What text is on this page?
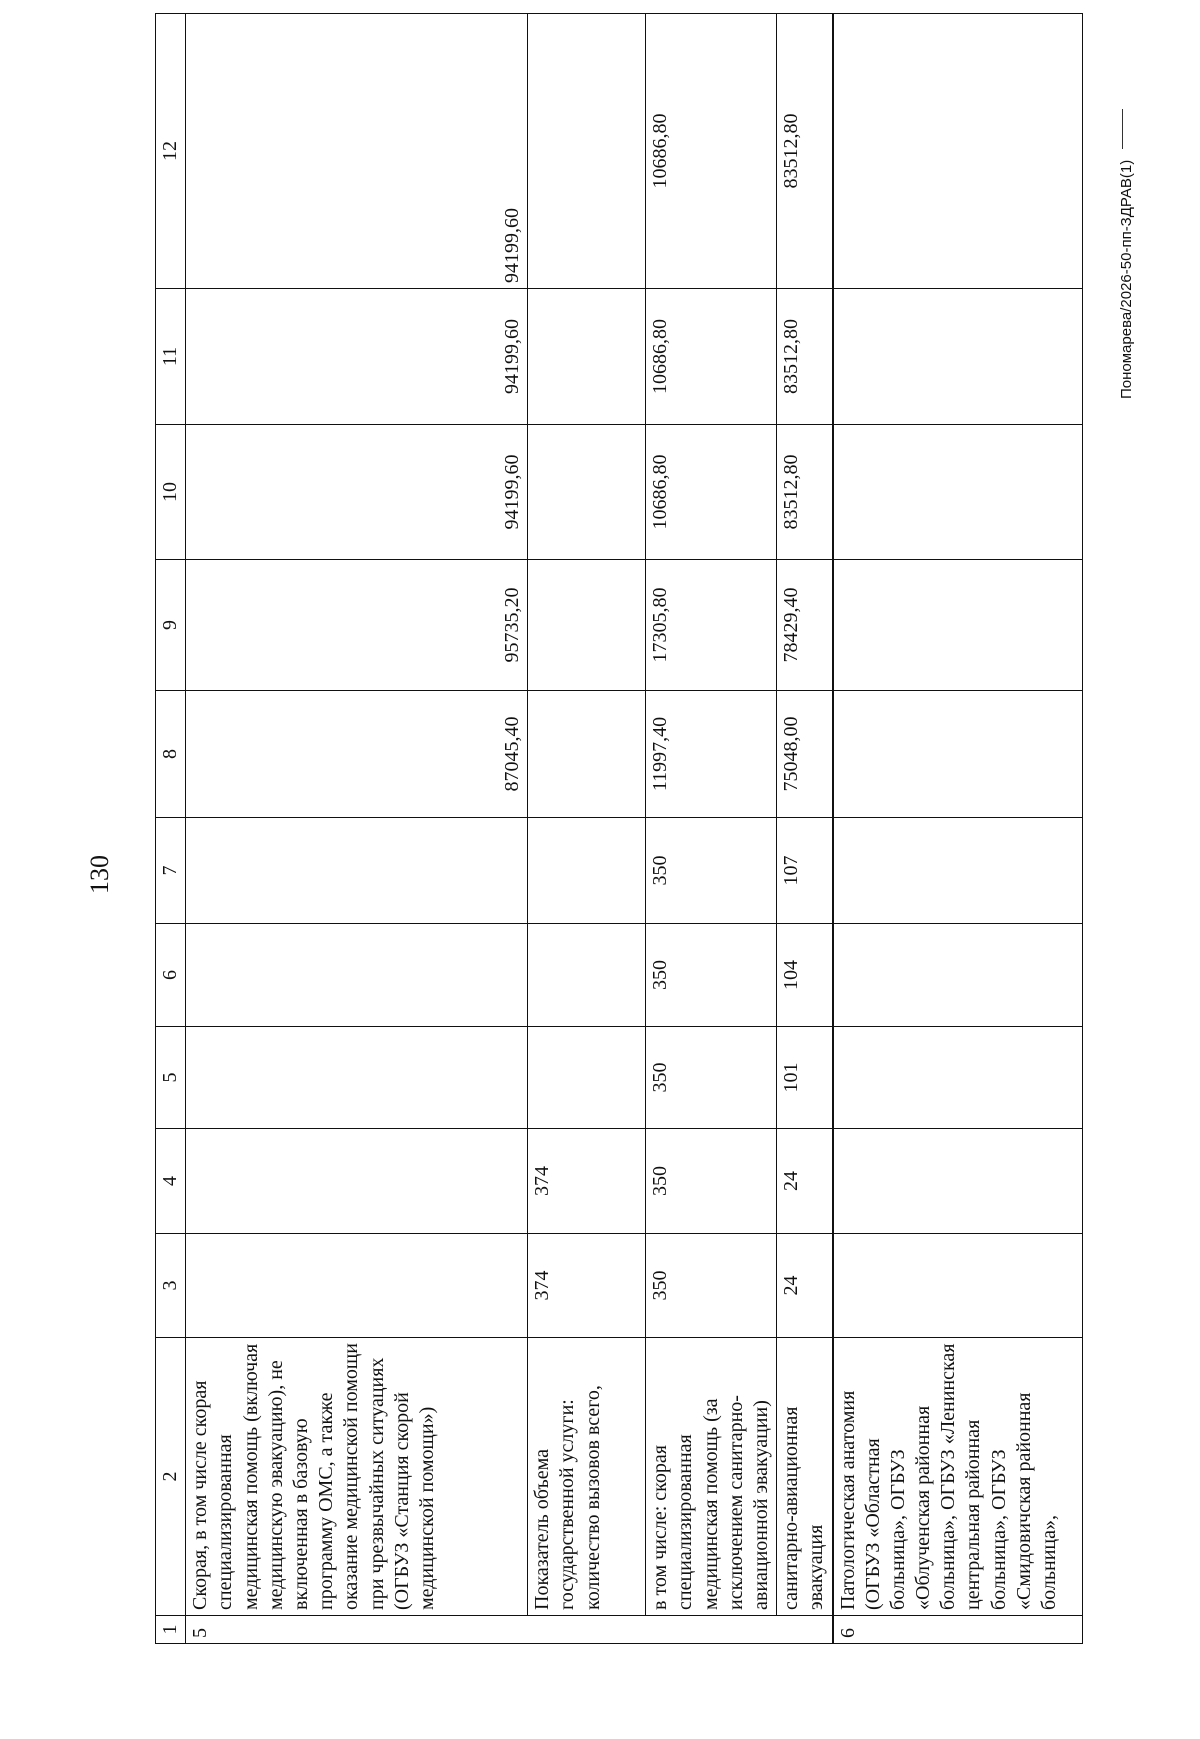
130
1	2	3	4	5	6	7	8	9	10	11	12
5	Скорая, в том числе скорая специализированная медицинская помощь (включая медицинскую эвакуацию), не включенная в базовую программу ОМС, а также оказание медицинской помощи при чрезвычайных ситуациях (ОГБУЗ «Станция скорой медицинской помощи»)						87045,40	95735,20	94199,60	94199,60	94199,60
	Показатель объема государственной услуги: количество вызовов всего,	374	374								
	в том числе: скорая специализированная медицинская помощь (за исключением санитарно-авиационной эвакуации)	350	350	350	350	350	11997,40	17305,80	10686,80	10686,80	10686,80
	санитарно-авиационная эвакуация	24	24	101	104	107	75048,00	78429,40	83512,80	83512,80	83512,80
6	Патологическая анатомия (ОГБУЗ «Областная больница», ОГБУЗ «Облученская районная больница», ОГБУЗ «Ленинская центральная районная больница», ОГБУЗ «Смидовичская районная больница»,										
Пономарева/2026-50-пп-ЗДРАВ(1)
